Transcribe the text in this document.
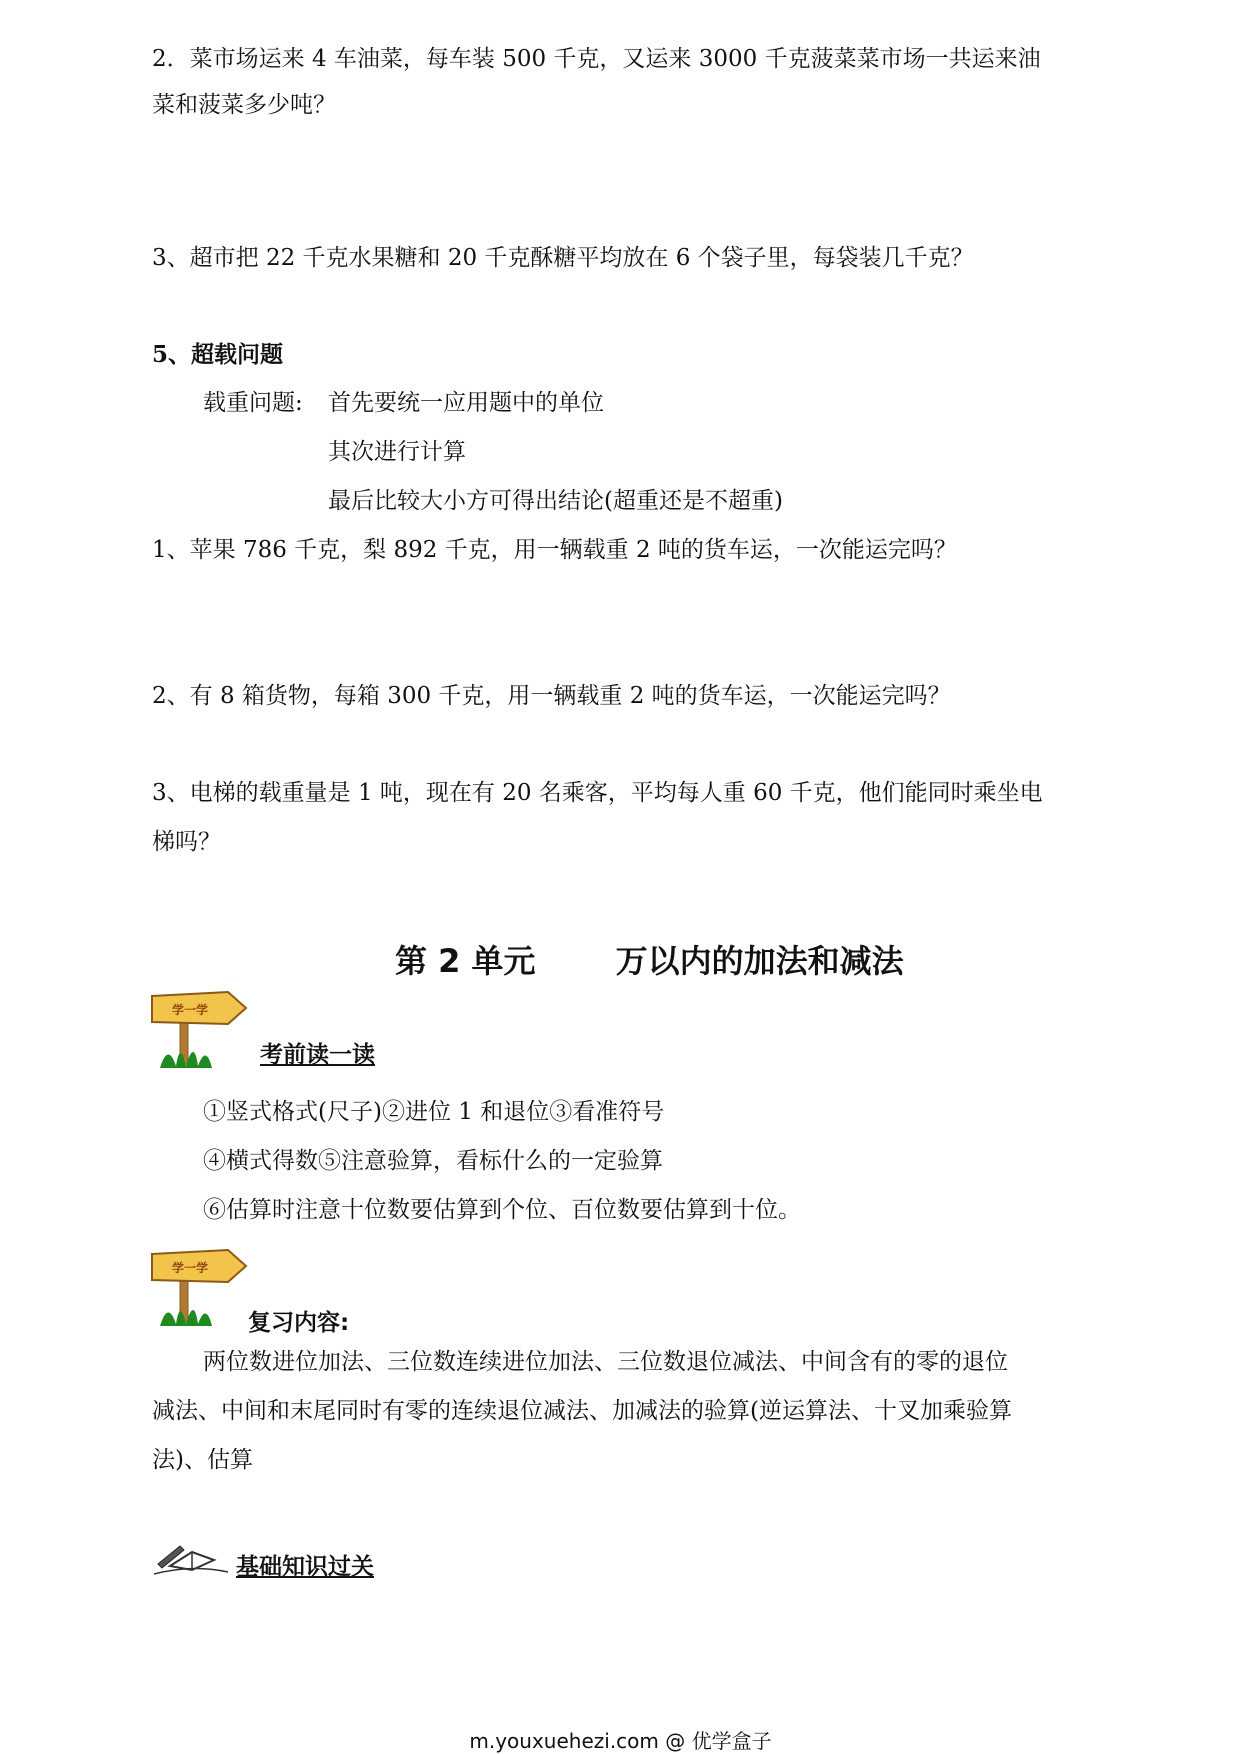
2．菜市场运来 4 车油菜，每车装 500 千克，又运来 3000 千克菠菜菜市场一共运来油
菜和菠菜多少吨？
3、超市把 22 千克水果糖和 20 千克酥糖平均放在 6 个袋子里，每袋装几千克？
5、超载问题
载重问题: 首先要统一应用题中的单位
其次进行计算
最后比较大小方可得出结论(超重还是不超重)
1、苹果 786 千克，梨 892 千克，用一辆载重 2 吨的货车运，一次能运完吗？
2、有 8 箱货物，每箱 300 千克，用一辆载重 2 吨的货车运，一次能运完吗？
3、电梯的载重量是 1 吨，现在有 20 名乘客，平均每人重 60 千克，他们能同时乘坐电
梯吗？
第 2 单元	万以内的加法和减法
学一学
考前读一读
①竖式格式(尺子)②进位 1 和退位③看准符号
④横式得数⑤注意验算，看标什么的一定验算
⑥估算时注意十位数要估算到个位、百位数要估算到十位。
学一学
复习内容:
两位数进位加法、三位数连续进位加法、三位数退位减法、中间含有的零的退位
减法、中间和末尾同时有零的连续退位减法、加减法的验算(逆运算法、十叉加乘验算
法)、估算
基础知识过关
m.youxuehezi.com @ 优学盒子
